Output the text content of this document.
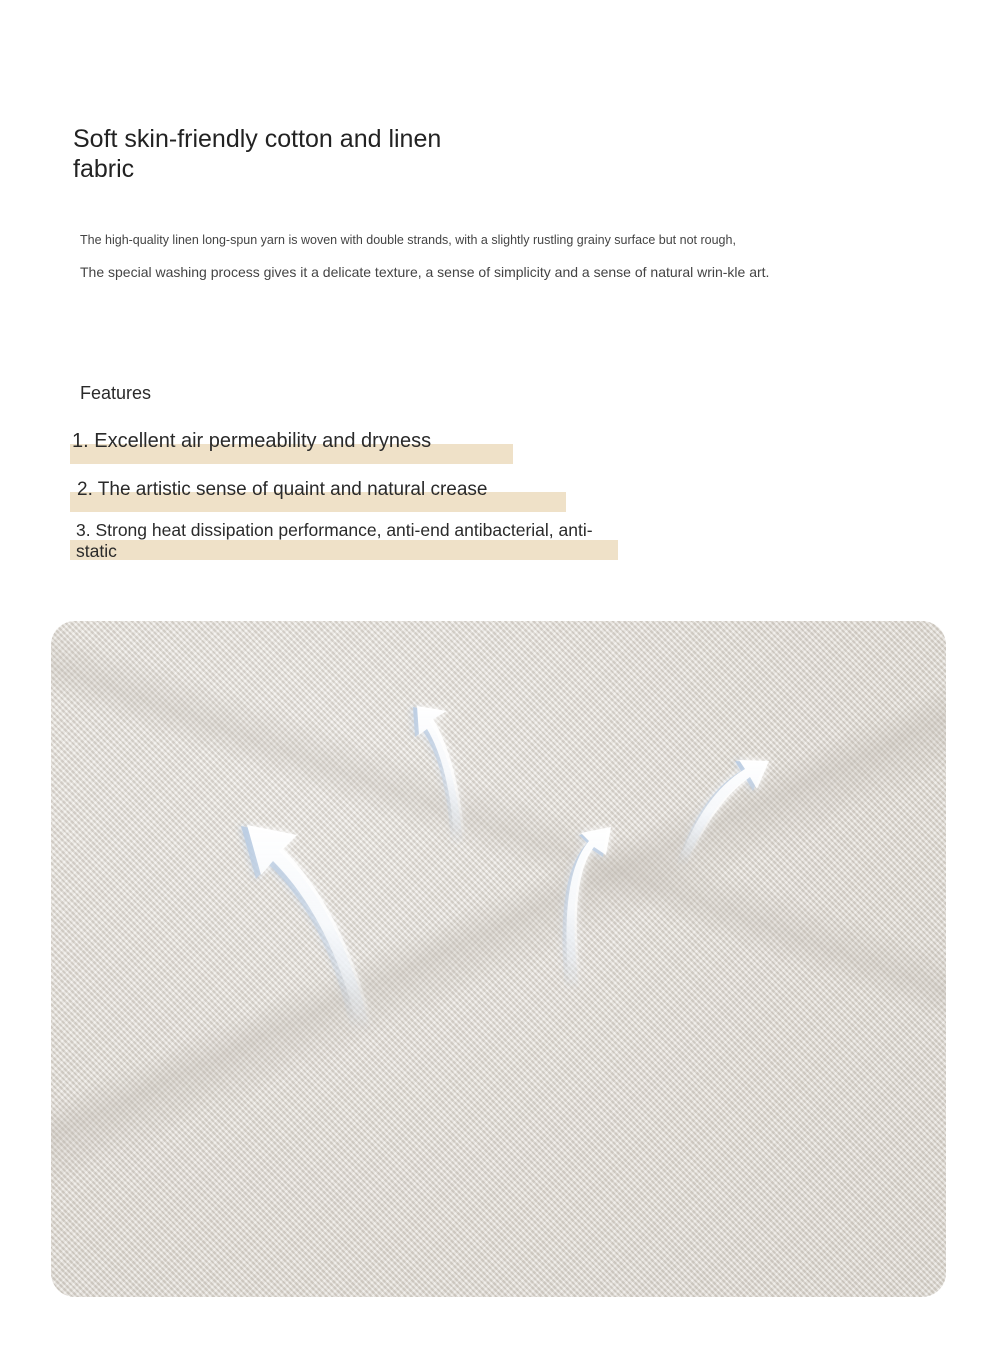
Soft skin-friendly cotton and linen fabric

The high-quality linen long-spun yarn is woven with double strands, with a slightly rustling grainy surface but not rough,

The special washing process gives it a delicate texture, a sense of simplicity and a sense of natural wrin-kle art.

Features
1. Excellent air permeability and dryness
2. The artistic sense of quaint and natural crease
3. Strong heat dissipation performance, anti-end antibacterial, anti-static
